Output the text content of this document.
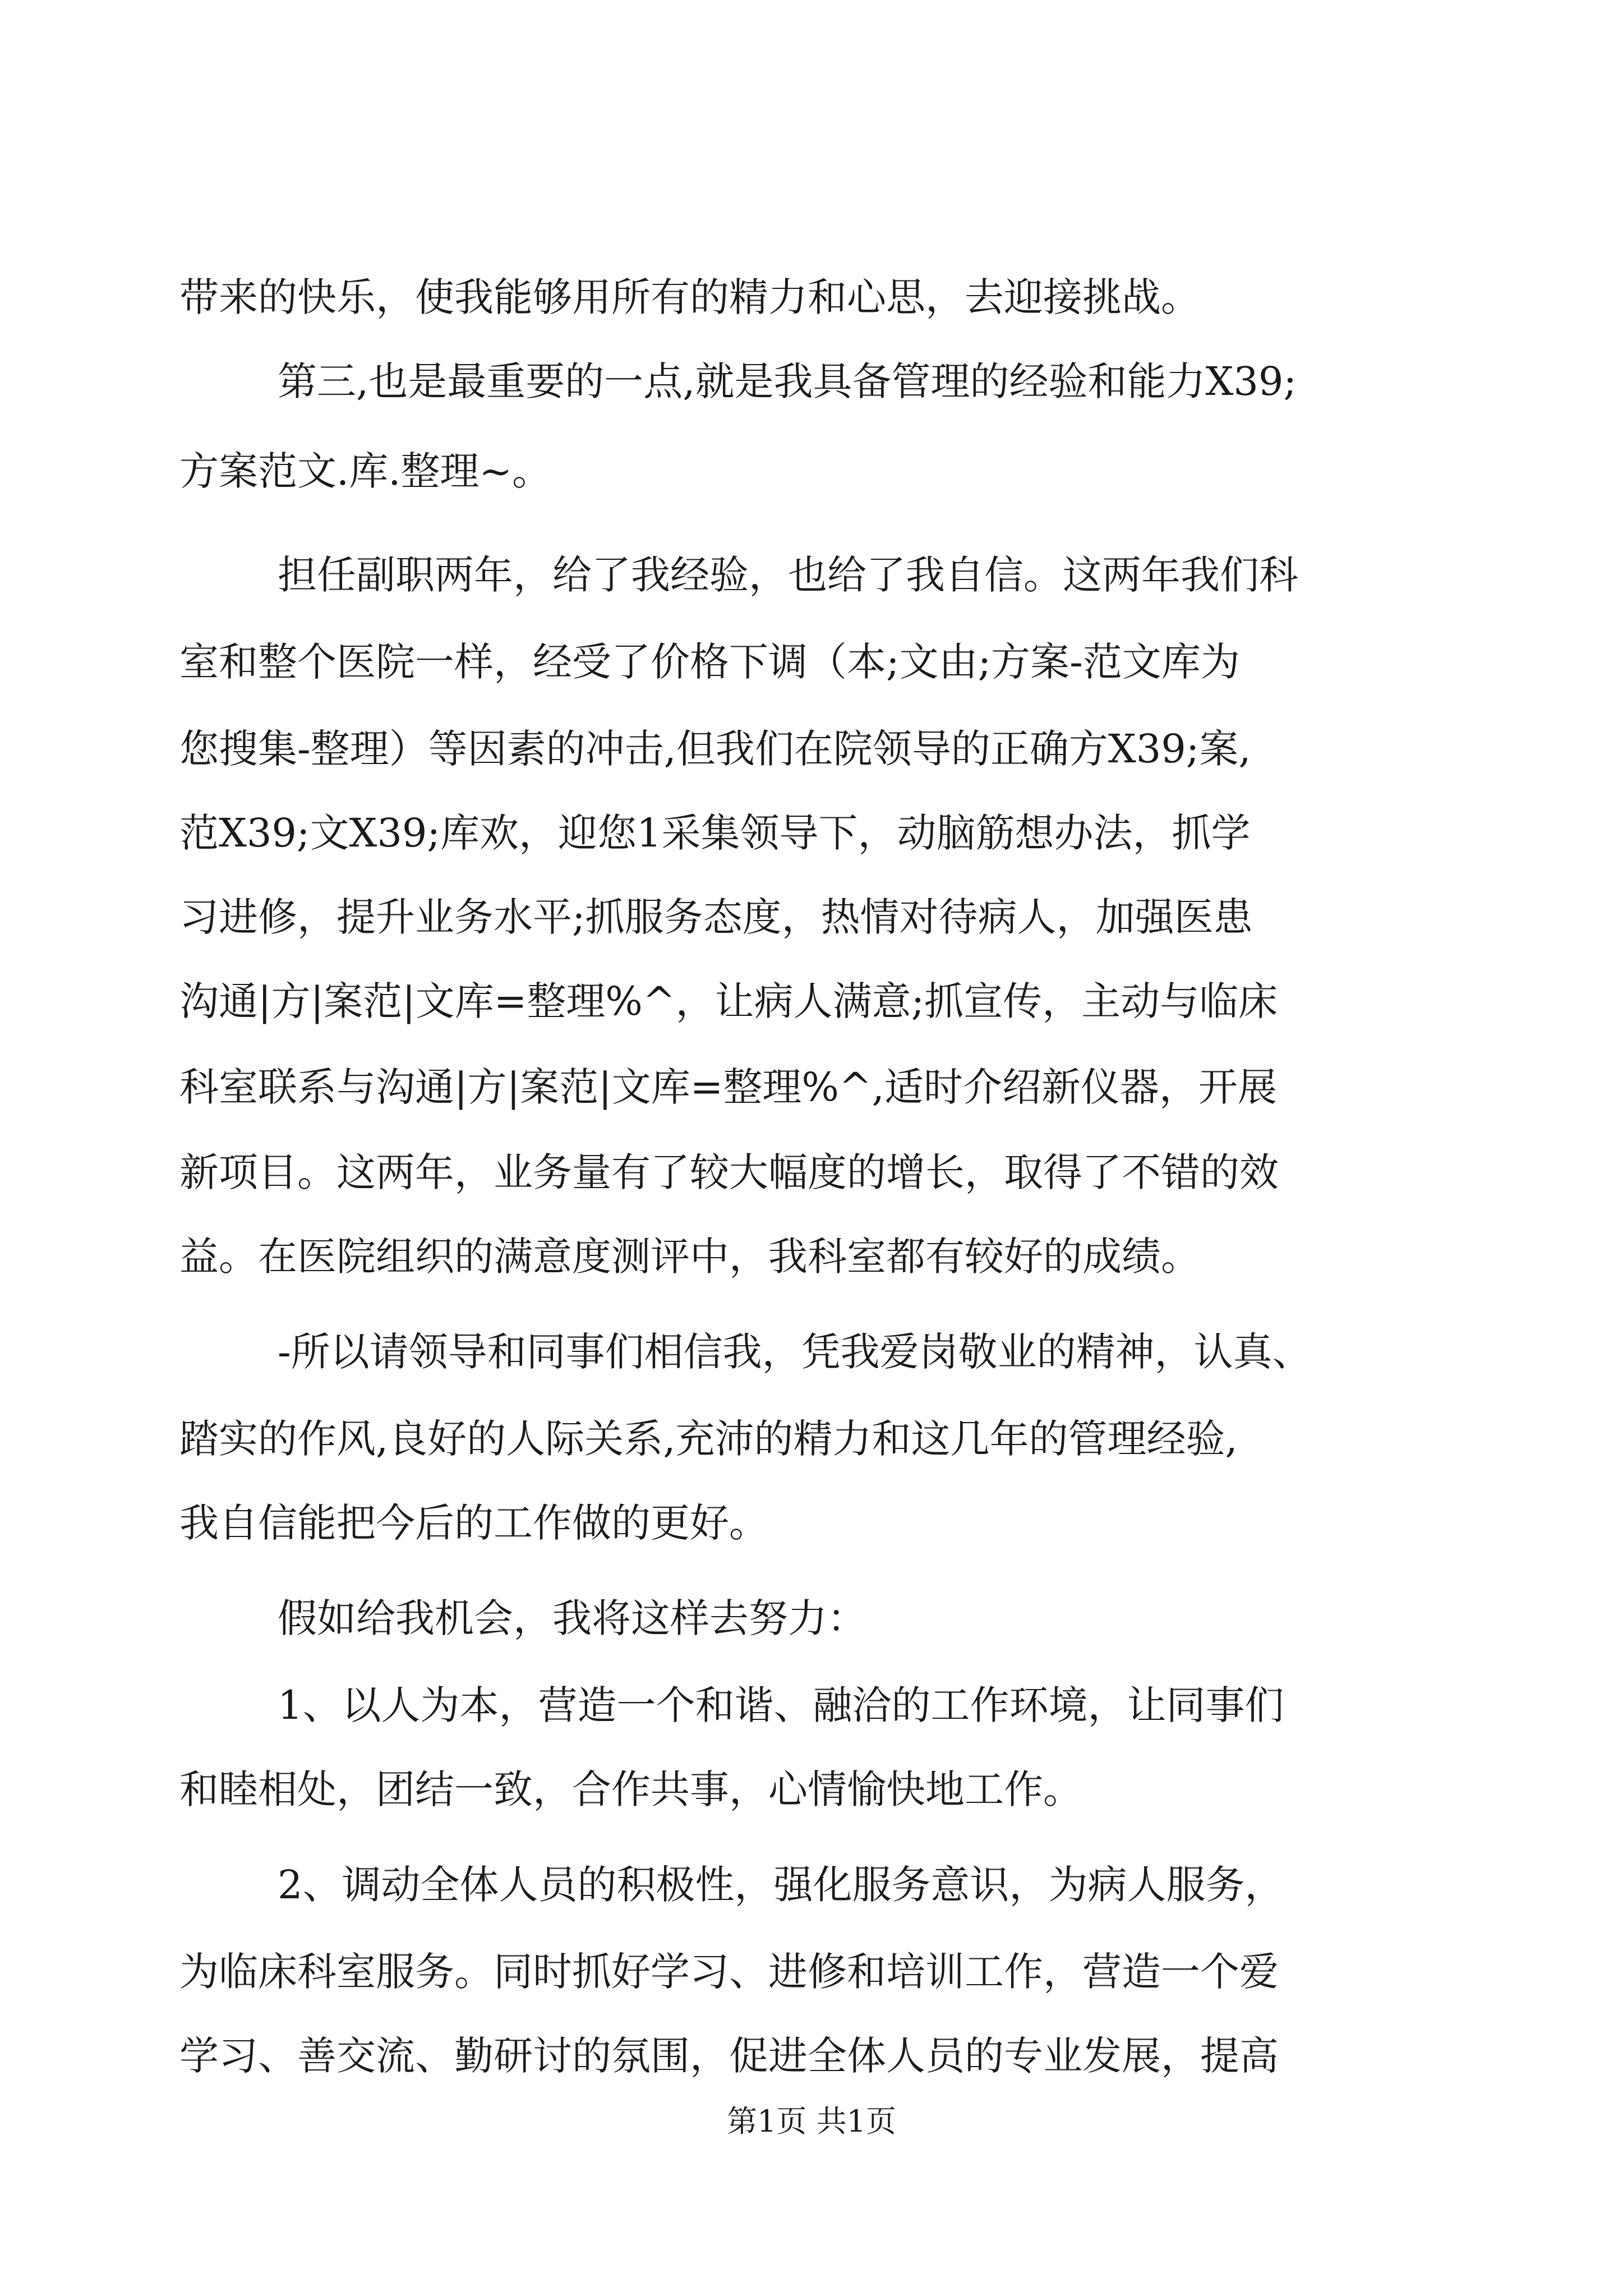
带来的快乐，使我能够用所有的精力和心思，去迎接挑战。
第三,也是最重要的一点,就是我具备管理的经验和能力X39;
方案范文.库.整理~。
担任副职两年，给了我经验，也给了我自信。这两年我们科
室和整个医院一样，经受了价格下调（本;文由;方案-范文库为
您搜集-整理）等因素的冲击,但我们在院领导的正确方X39;案,
范X39;文X39;库欢，迎您1采集领导下，动脑筋想办法，抓学
习进修，提升业务水平;抓服务态度，热情对待病人，加强医患
沟通|方|案范|文库=整理%^，让病人满意;抓宣传，主动与临床
科室联系与沟通|方|案范|文库=整理%^,适时介绍新仪器，开展
新项目。这两年，业务量有了较大幅度的增长，取得了不错的效
益。在医院组织的满意度测评中，我科室都有较好的成绩。
-所以请领导和同事们相信我，凭我爱岗敬业的精神，认真、
踏实的作风,良好的人际关系,充沛的精力和这几年的管理经验,
我自信能把今后的工作做的更好。
假如给我机会，我将这样去努力：
1、以人为本，营造一个和谐、融洽的工作环境，让同事们
和睦相处，团结一致，合作共事，心情愉快地工作。
2、调动全体人员的积极性，强化服务意识，为病人服务，
为临床科室服务。同时抓好学习、进修和培训工作，营造一个爱
学习、善交流、勤研讨的氛围，促进全体人员的专业发展，提高
第1页 共1页
